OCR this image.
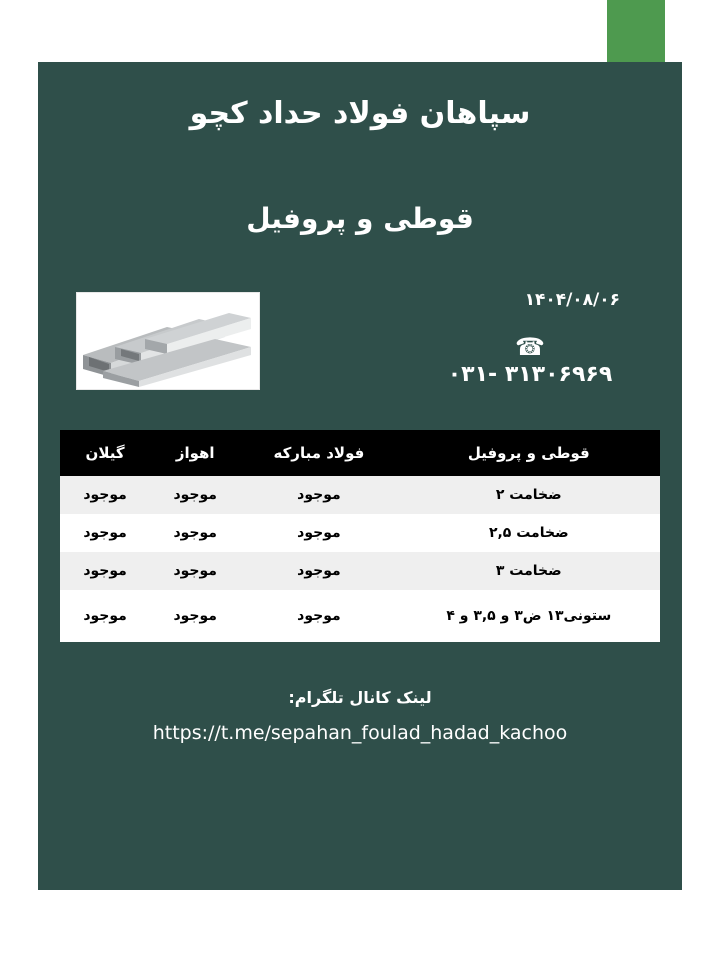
سپاهان فولاد حداد کچو
قوطی و پروفیل
۱۴۰۴/۰۸/۰۶
☎
۰۳۱- ۳۱۳۰۶۹۶۹
قوطی و پروفیل	فولاد مبارکه	اهواز	گیلان
ضخامت ۲	موجود	موجود	موجود
ضخامت ۲,۵	موجود	موجود	موجود
ضخامت ۳	موجود	موجود	موجود
ستونی۱۳ ض۳ و ۳,۵ و ۴	موجود	موجود	موجود
لینک کانال تلگرام:
https://t.me/sepahan_foulad_hadad_kachoo
